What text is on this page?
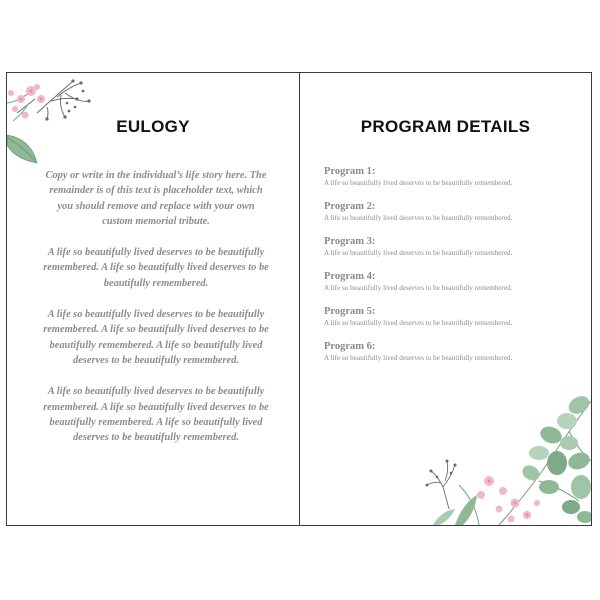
EULOGY

Copy or write in the individual’s life story here. The remainder is of this text is placeholder text, which you should remove and replace with your own custom memorial tribute.

A life so beautifully lived deserves to be beautifully remembered. A life so beautifully lived deserves to be beautifully remembered.

A life so beautifully lived deserves to be beautifully remembered. A life so beautifully lived deserves to be beautifully remembered. A life so beautifully lived deserves to be beautifully remembered.

A life so beautifully lived deserves to be beautifully remembered. A life so beautifully lived deserves to be beautifully remembered. A life so beautifully lived deserves to be beautifully remembered.

PROGRAM DETAILS
Program 1:
A life so beautifully lived deserves to be beautifully remembered.
Program 2:
A life so beautifully lived deserves to be beautifully remembered.
Program 3:
A life so beautifully lived deserves to be beautifully remembered.
Program 4:
A life so beautifully lived deserves to be beautifully remembered.
Program 5:
A life so beautifully lived deserves to be beautifully remembered.
Program 6:
A life so beautifully lived deserves to be beautifully remembered.
